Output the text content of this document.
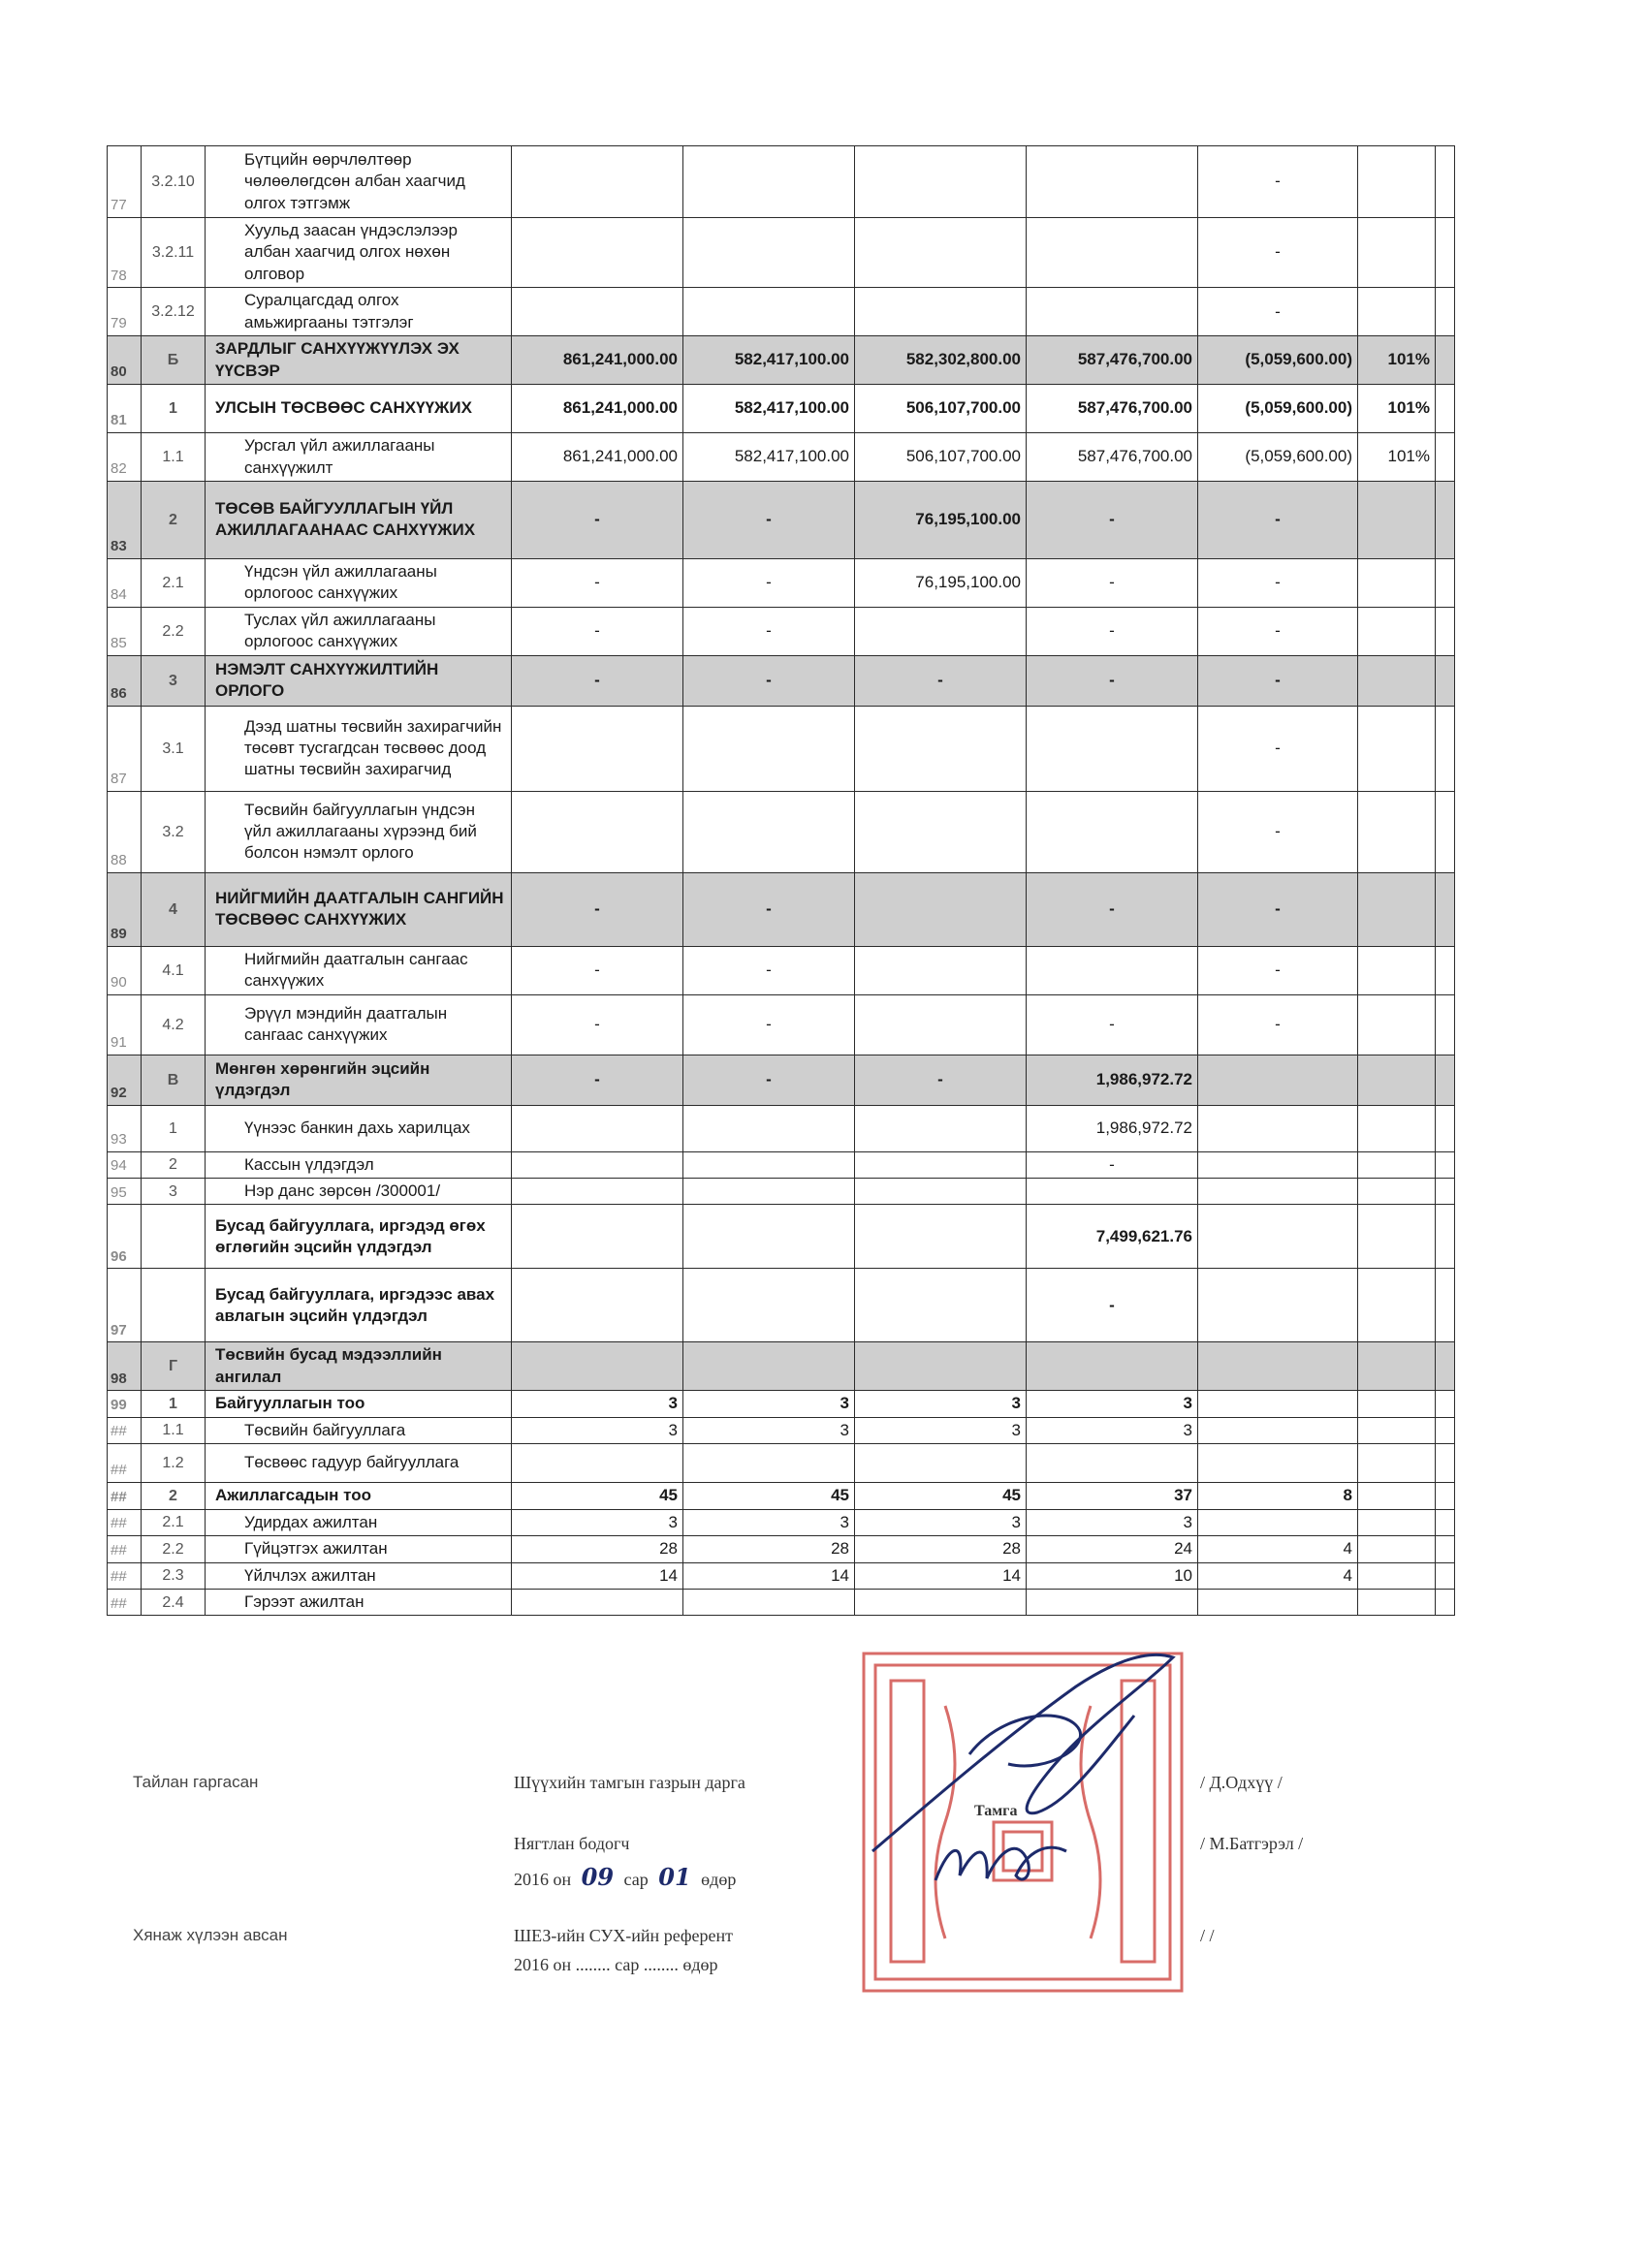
77	3.2.10	Бүтцийн өөрчлөлтөөр чөлөөлөгдсөн албан хаагчид олгох тэтгэмж					-		
78	3.2.11	Хуульд заасан үндэслэлээр албан хаагчид олгох нөхөн олговор					-		
79	3.2.12	Суралцагсдад олгох амьжиргааны тэтгэлэг					-		
80	Б	ЗАРДЛЫГ САНХҮҮЖҮҮЛЭХ ЭХ ҮҮСВЭР	861,241,000.00	582,417,100.00	582,302,800.00	587,476,700.00	(5,059,600.00)	101%	
81	1	УЛСЫН ТӨСВӨӨС САНХҮҮЖИХ	861,241,000.00	582,417,100.00	506,107,700.00	587,476,700.00	(5,059,600.00)	101%	
82	1.1	Урсгал үйл ажиллагааны санхүүжилт	861,241,000.00	582,417,100.00	506,107,700.00	587,476,700.00	(5,059,600.00)	101%	
83	2	ТӨСӨВ БАЙГУУЛЛАГЫН ҮЙЛ АЖИЛЛАГААНААС САНХҮҮЖИХ	-	-	76,195,100.00	-	-		
84	2.1	Үндсэн үйл ажиллагааны орлогоос санхүүжих	-	-	76,195,100.00	-	-		
85	2.2	Туслах үйл ажиллагааны орлогоос санхүүжих	-	-		-	-		
86	3	НЭМЭЛТ САНХҮҮЖИЛТИЙН ОРЛОГО	-	-	-	-	-		
87	3.1	Дээд шатны төсвийн захирагчийн төсөвт тусгагдсан төсвөөс доод шатны төсвийн захирагчид					-		
88	3.2	Төсвийн байгууллагын үндсэн үйл ажиллагааны хүрээнд бий болсон нэмэлт орлого					-		
89	4	НИЙГМИЙН ДААТГАЛЫН САНГИЙН ТӨСВӨӨС САНХҮҮЖИХ	-	-		-	-		
90	4.1	Нийгмийн даатгалын сангаас санхүүжих	-	-			-		
91	4.2	Эрүүл мэндийн даатгалын сангаас санхүүжих	-	-		-	-		
92	В	Мөнгөн хөрөнгийн эцсийн үлдэгдэл	-	-	-	1,986,972.72			
93	1	Үүнээс банкин дахь харилцах				1,986,972.72			
94	2	Кассын үлдэгдэл				-			
95	3	Нэр данс зөрсөн /300001/							
96		Бусад байгууллага, иргэдэд өгөх өглөгийн эцсийн үлдэгдэл				7,499,621.76			
97		Бусад байгууллага, иргэдээс авах авлагын эцсийн үлдэгдэл				-			
98	Г	Төсвийн бусад мэдээллийн ангилал							
99	1	Байгууллагын тоо	3	3	3	3			
##	1.1	Төсвийн байгууллага	3	3	3	3			
##	1.2	Төсвөөс гадуур байгууллага							
##	2	Ажиллагсадын тоо	45	45	45	37	8		
##	2.1	Удирдах ажилтан	3	3	3	3			
##	2.2	Гүйцэтгэх ажилтан	28	28	28	24	4		
##	2.3	Үйлчлэх ажилтан	14	14	14	10	4		
##	2.4	Гэрээт ажилтан							
Тайлан гаргасан	Шүүхийн тамгын газрын дарга	/ Д.Одхүү /
Тамга
Нягтлан бодогч	/ М.Батгэрэл /
2016 он 09 сар 01 өдөр
Хянаж хүлээн авсан	ШЕЗ-ийн СУХ-ийн референт	/ /
2016 он ........ сар ........ өдөр
